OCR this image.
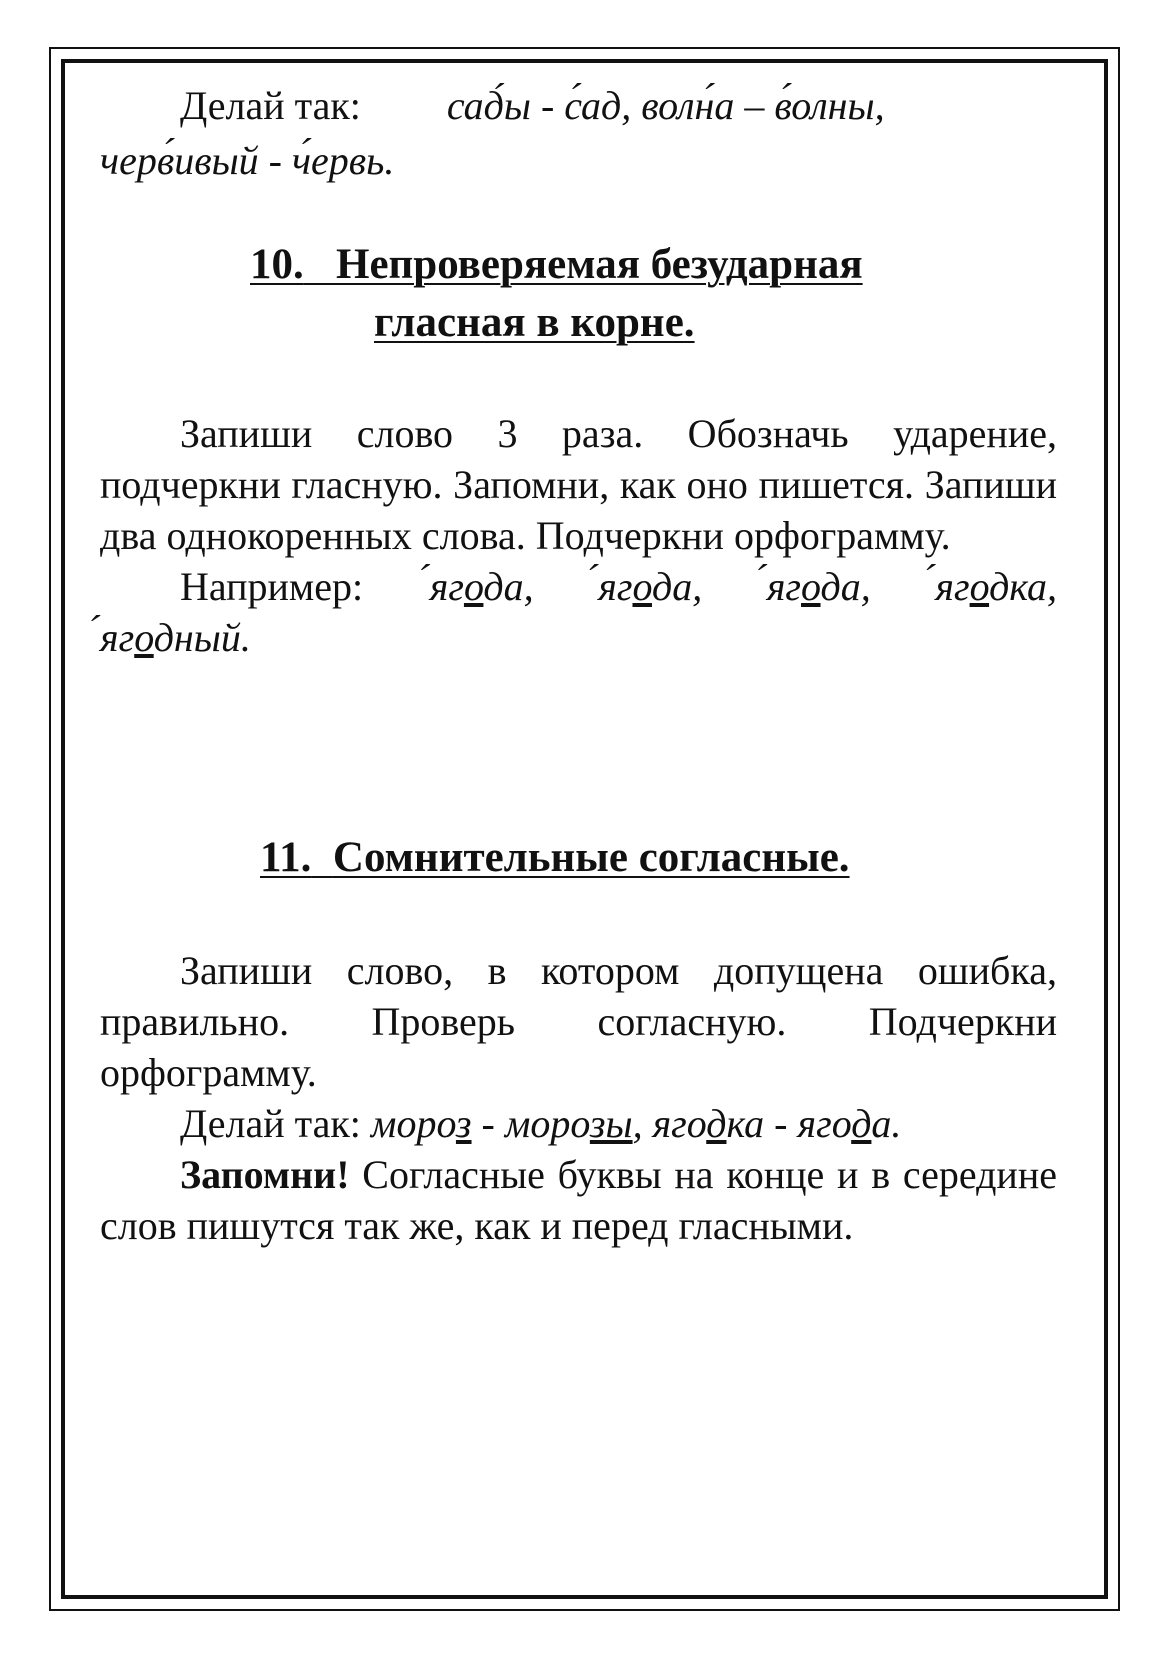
Делай так: сад́ы - с́ад, волн́а – в́олны,
черв́ивый - ч́ервь.
10. Непроверяемая безударная
гласная в корне.

Запиши слово 3 раза. Обозначь ударение, подчеркни гласную. Запомни, как оно пишется. Запиши два однокоренных слова. Подчеркни орфограмму.

Например: ́ягода, ́ягода, ́ягода, ́ягодка, ́ягодный.

11. Сомнительные согласные.

Запиши слово, в котором допущена ошибка, правильно. Проверь согласную. Подчеркни орфограмму.

Делай так: мороз - морозы, ягодка - ягода.

Запомни! Согласные буквы на конце и в середине слов пишутся так же, как и перед гласными.
